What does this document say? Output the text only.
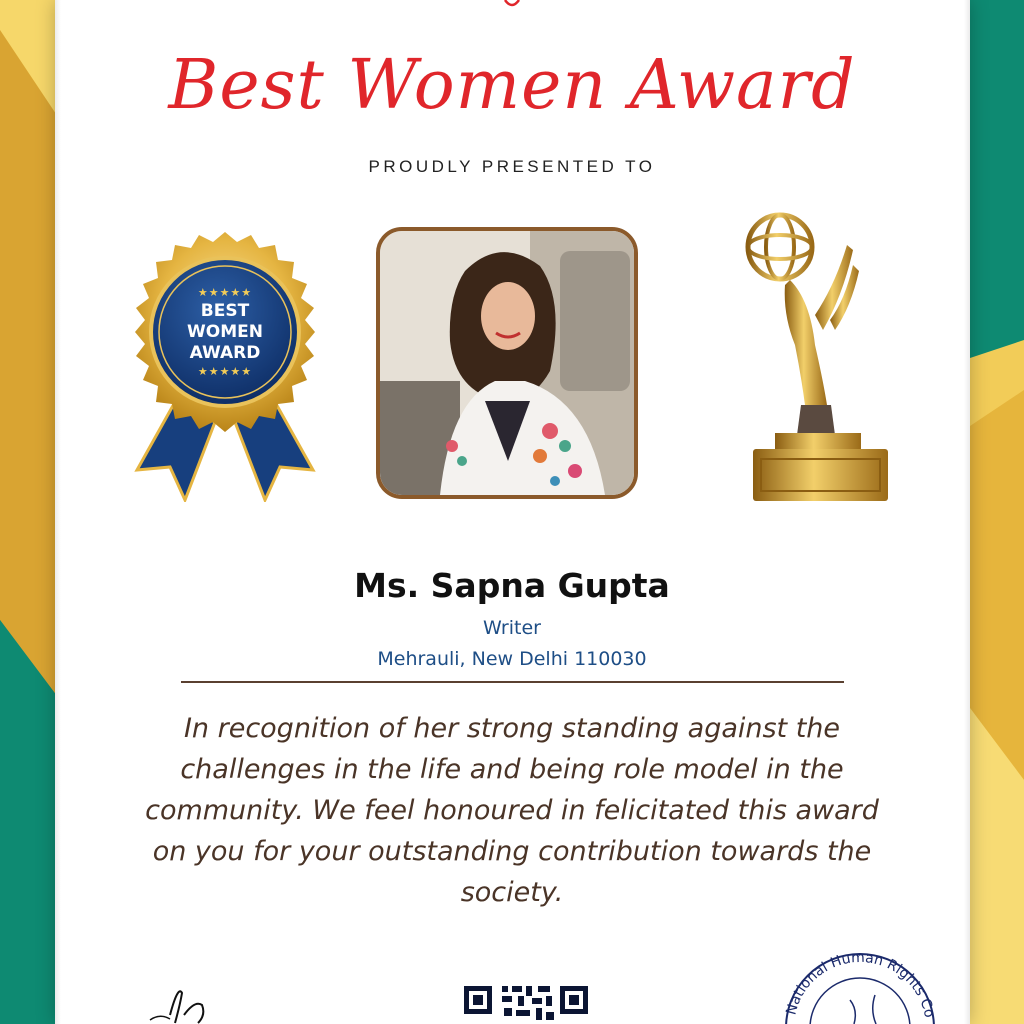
Best Women Award
PROUDLY PRESENTED TO
★★★★★
BEST
WOMEN
AWARD
★★★★★
Ms. Sapna Gupta
Writer
Mehrauli, New Delhi 110030
In recognition of her strong standing against the challenges in the life and being role model in the community. We feel honoured in felicitated this award on you for your outstanding contribution towards the society.
National Human Rights Co
